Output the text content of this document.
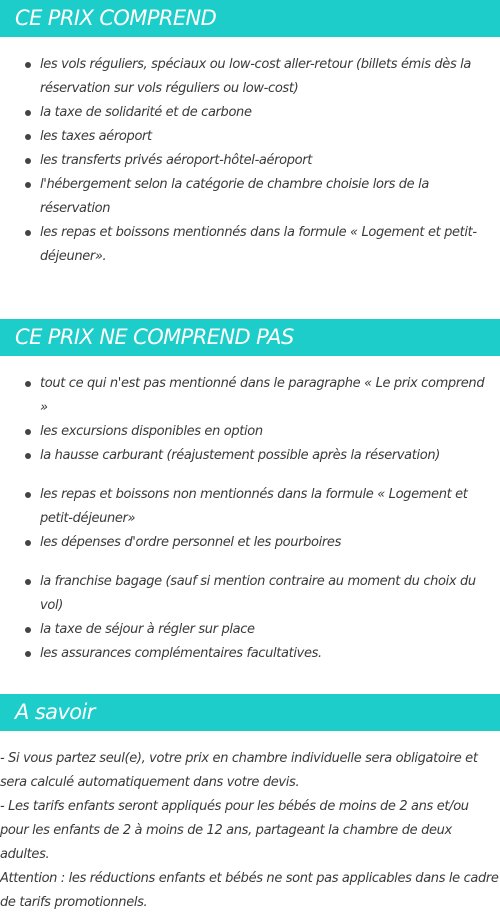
CE PRIX COMPREND
les vols réguliers, spéciaux ou low-cost aller-retour (billets émis dès la réservation sur vols réguliers ou low-cost)
la taxe de solidarité et de carbone
les taxes aéroport
les transferts privés aéroport-hôtel-aéroport
l'hébergement selon la catégorie de chambre choisie lors de la réservation
les repas et boissons mentionnés dans la formule « Logement et petit-déjeuner».
CE PRIX NE COMPREND PAS
tout ce qui n'est pas mentionné dans le paragraphe « Le prix comprend »
les excursions disponibles en option
la hausse carburant (réajustement possible après la réservation)
les repas et boissons non mentionnés dans la formule « Logement et petit-déjeuner»
les dépenses d'ordre personnel et les pourboires
la franchise bagage (sauf si mention contraire au moment du choix du vol)
la taxe de séjour à régler sur place
les assurances complémentaires facultatives.
A savoir

- Si vous partez seul(e), votre prix en chambre individuelle sera obligatoire et sera calculé automatiquement dans votre devis.

- Les tarifs enfants seront appliqués pour les bébés de moins de 2 ans et/ou pour les enfants de 2 à moins de 12 ans, partageant la chambre de deux adultes.

Attention : les réductions enfants et bébés ne sont pas applicables dans le cadre de tarifs promotionnels.
